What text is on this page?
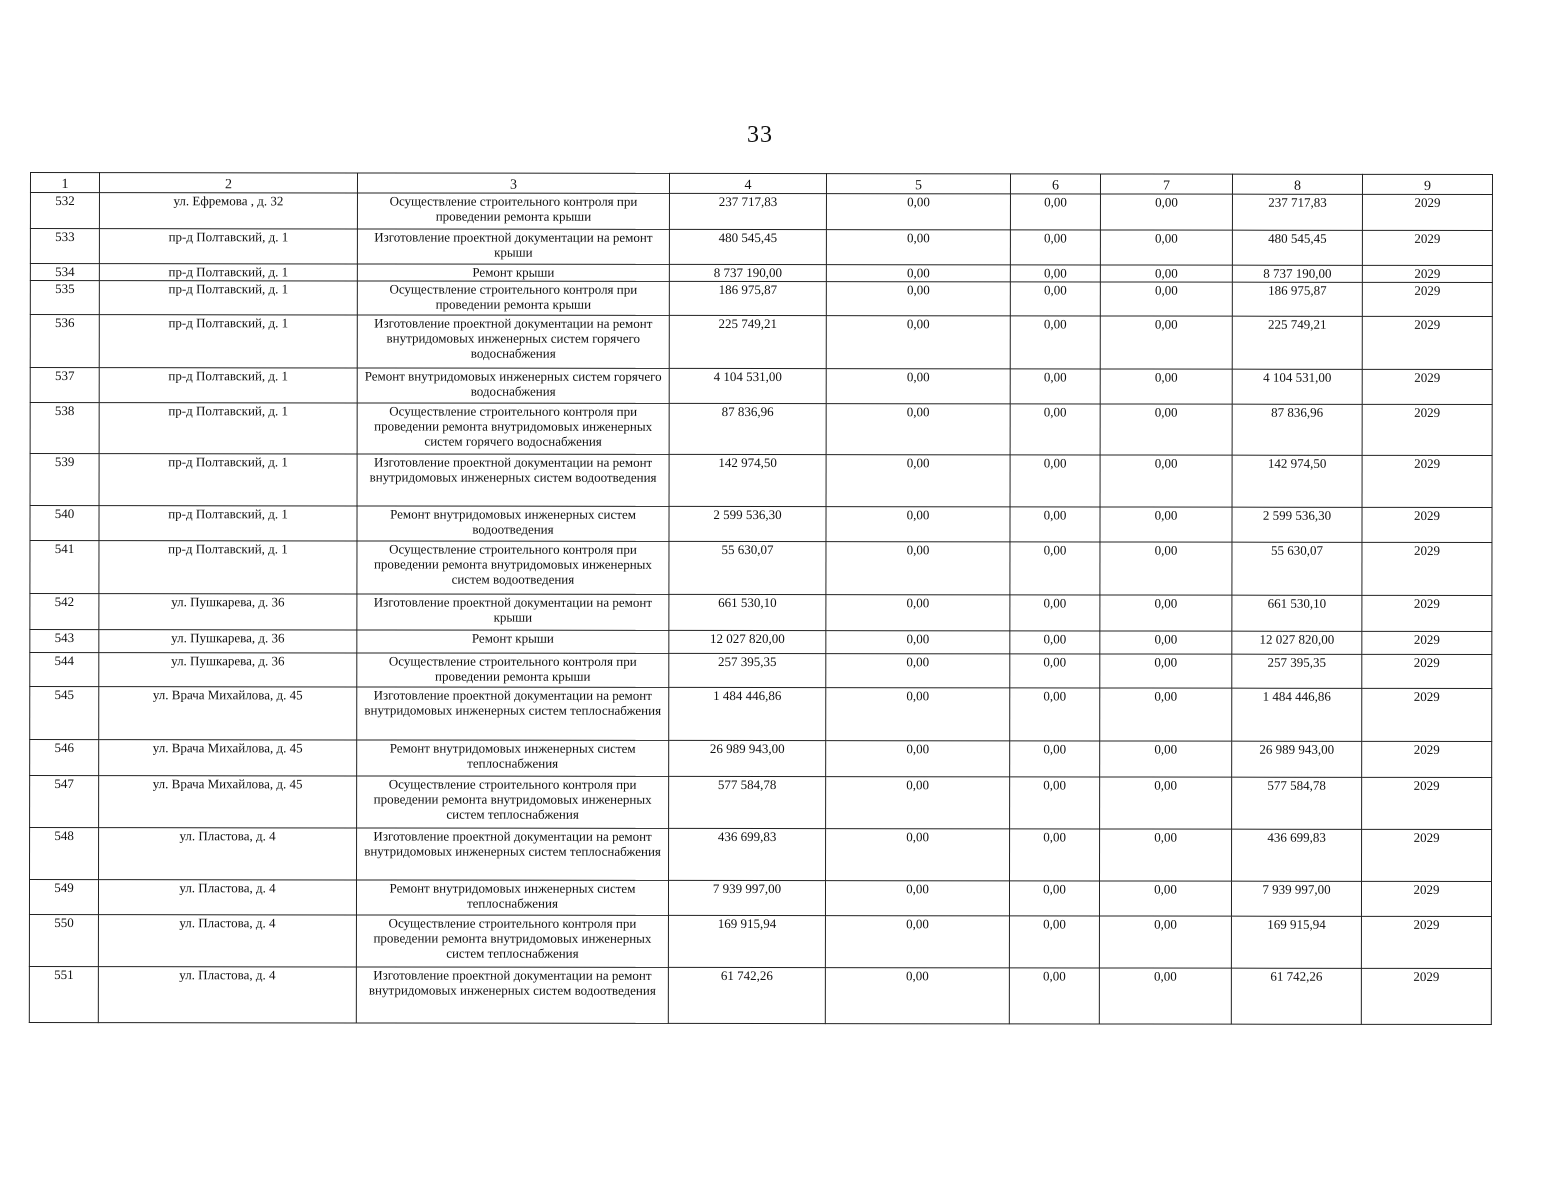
33
1	2	3	4	5	6	7	8	9
532	ул. Ефремова , д. 32	Осуществление строительного контроля при проведении ремонта крыши	237 717,83	0,00	0,00	0,00	237 717,83	2029
533	пр-д Полтавский, д. 1	Изготовление проектной документации на ремонт крыши	480 545,45	0,00	0,00	0,00	480 545,45	2029
534	пр-д Полтавский, д. 1	Ремонт крыши	8 737 190,00	0,00	0,00	0,00	8 737 190,00	2029
535	пр-д Полтавский, д. 1	Осуществление строительного контроля при проведении ремонта крыши	186 975,87	0,00	0,00	0,00	186 975,87	2029
536	пр-д Полтавский, д. 1	Изготовление проектной документации на ремонт внутридомовых инженерных систем горячего водоснабжения	225 749,21	0,00	0,00	0,00	225 749,21	2029
537	пр-д Полтавский, д. 1	Ремонт внутридомовых инженерных систем горячего водоснабжения	4 104 531,00	0,00	0,00	0,00	4 104 531,00	2029
538	пр-д Полтавский, д. 1	Осуществление строительного контроля при проведении ремонта внутридомовых инженерных систем горячего водоснабжения	87 836,96	0,00	0,00	0,00	87 836,96	2029
539	пр-д Полтавский, д. 1	Изготовление проектной документации на ремонт внутридомовых инженерных систем водоотведения	142 974,50	0,00	0,00	0,00	142 974,50	2029
540	пр-д Полтавский, д. 1	Ремонт внутридомовых инженерных систем водоотведения	2 599 536,30	0,00	0,00	0,00	2 599 536,30	2029
541	пр-д Полтавский, д. 1	Осуществление строительного контроля при проведении ремонта внутридомовых инженерных систем водоотведения	55 630,07	0,00	0,00	0,00	55 630,07	2029
542	ул. Пушкарева, д. 36	Изготовление проектной документации на ремонт крыши	661 530,10	0,00	0,00	0,00	661 530,10	2029
543	ул. Пушкарева, д. 36	Ремонт крыши	12 027 820,00	0,00	0,00	0,00	12 027 820,00	2029
544	ул. Пушкарева, д. 36	Осуществление строительного контроля при проведении ремонта крыши	257 395,35	0,00	0,00	0,00	257 395,35	2029
545	ул. Врача Михайлова, д. 45	Изготовление проектной документации на ремонт внутридомовых инженерных систем теплоснабжения	1 484 446,86	0,00	0,00	0,00	1 484 446,86	2029
546	ул. Врача Михайлова, д. 45	Ремонт внутридомовых инженерных систем теплоснабжения	26 989 943,00	0,00	0,00	0,00	26 989 943,00	2029
547	ул. Врача Михайлова, д. 45	Осуществление строительного контроля при проведении ремонта внутридомовых инженерных систем теплоснабжения	577 584,78	0,00	0,00	0,00	577 584,78	2029
548	ул. Пластова, д. 4	Изготовление проектной документации на ремонт внутридомовых инженерных систем теплоснабжения	436 699,83	0,00	0,00	0,00	436 699,83	2029
549	ул. Пластова, д. 4	Ремонт внутридомовых инженерных систем теплоснабжения	7 939 997,00	0,00	0,00	0,00	7 939 997,00	2029
550	ул. Пластова, д. 4	Осуществление строительного контроля при проведении ремонта внутридомовых инженерных систем теплоснабжения	169 915,94	0,00	0,00	0,00	169 915,94	2029
551	ул. Пластова, д. 4	Изготовление проектной документации на ремонт внутридомовых инженерных систем водоотведения	61 742,26	0,00	0,00	0,00	61 742,26	2029
